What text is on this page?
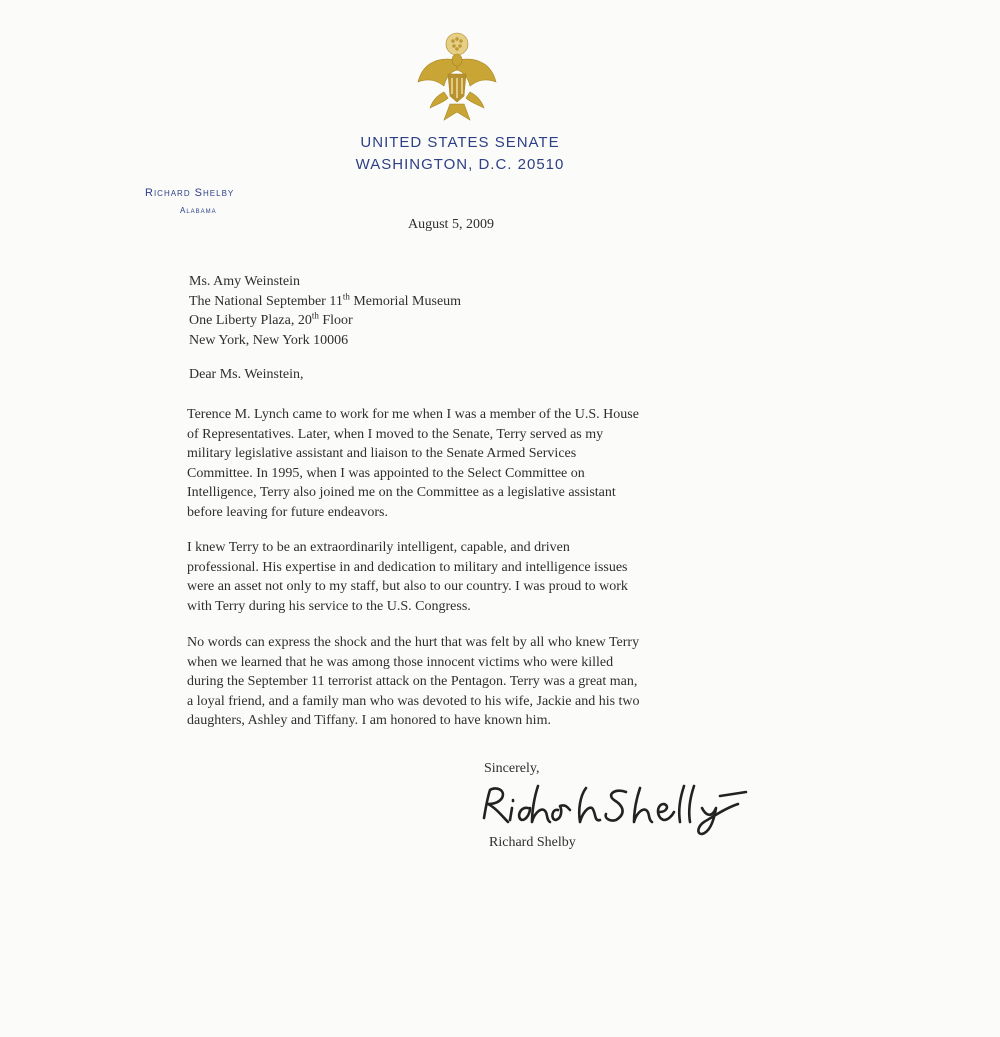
UNITED STATES SENATE
WASHINGTON, D.C. 20510
Richard Shelby
Alabama
August 5, 2009
Ms. Amy Weinstein
The National September 11th Memorial Museum
One Liberty Plaza, 20th Floor
New York, New York 10006
Dear Ms. Weinstein,
Terence M. Lynch came to work for me when I was a member of the U.S. House
of Representatives. Later, when I moved to the Senate, Terry served as my
military legislative assistant and liaison to the Senate Armed Services
Committee. In 1995, when I was appointed to the Select Committee on
Intelligence, Terry also joined me on the Committee as a legislative assistant
before leaving for future endeavors.
I knew Terry to be an extraordinarily intelligent, capable, and driven
professional. His expertise in and dedication to military and intelligence issues
were an asset not only to my staff, but also to our country. I was proud to work
with Terry during his service to the U.S. Congress.
No words can express the shock and the hurt that was felt by all who knew Terry
when we learned that he was among those innocent victims who were killed
during the September 11 terrorist attack on the Pentagon. Terry was a great man,
a loyal friend, and a family man who was devoted to his wife, Jackie and his two
daughters, Ashley and Tiffany. I am honored to have known him.
Sincerely,
Richard Shelby
